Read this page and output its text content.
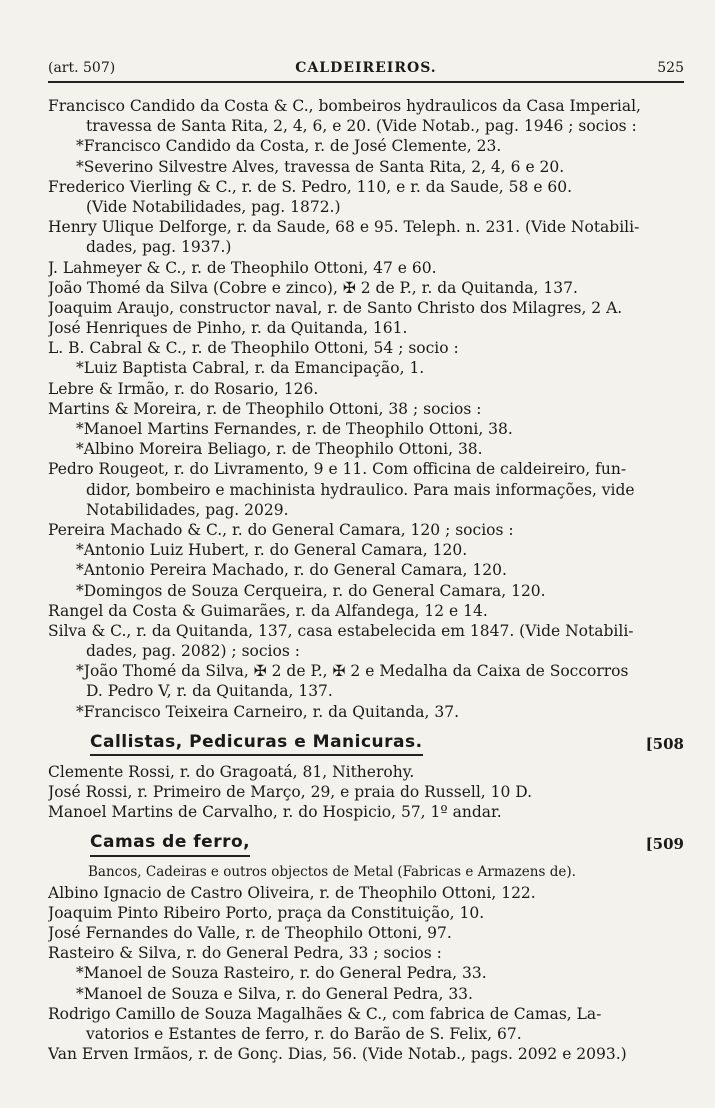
(art. 507)	CALDEIREIROS.	525
Francisco Candido da Costa & C., bombeiros hydraulicos da Casa Imperial,
travessa de Santa Rita, 2, 4, 6, e 20. (Vide Notab., pag. 1946 ; socios :
*Francisco Candido da Costa, r. de José Clemente, 23.
*Severino Silvestre Alves, travessa de Santa Rita, 2, 4, 6 e 20.
Frederico Vierling & C., r. de S. Pedro, 110, e r. da Saude, 58 e 60.
(Vide Notabilidades, pag. 1872.)
Henry Ulique Delforge, r. da Saude, 68 e 95. Teleph. n. 231. (Vide Notabili-
dades, pag. 1937.)
J. Lahmeyer & C., r. de Theophilo Ottoni, 47 e 60.
João Thomé da Silva (Cobre e zinco), ✠ 2 de P., r. da Quitanda, 137.
Joaquim Araujo, constructor naval, r. de Santo Christo dos Milagres, 2 A.
José Henriques de Pinho, r. da Quitanda, 161.
L. B. Cabral & C., r. de Theophilo Ottoni, 54 ; socio :
*Luiz Baptista Cabral, r. da Emancipação, 1.
Lebre & Irmão, r. do Rosario, 126.
Martins & Moreira, r. de Theophilo Ottoni, 38 ; socios :
*Manoel Martins Fernandes, r. de Theophilo Ottoni, 38.
*Albino Moreira Beliago, r. de Theophilo Ottoni, 38.
Pedro Rougeot, r. do Livramento, 9 e 11. Com officina de caldeireiro, fun-
didor, bombeiro e machinista hydraulico. Para mais informações, vide
Notabilidades, pag. 2029.
Pereira Machado & C., r. do General Camara, 120 ; socios :
*Antonio Luiz Hubert, r. do General Camara, 120.
*Antonio Pereira Machado, r. do General Camara, 120.
*Domingos de Souza Cerqueira, r. do General Camara, 120.
Rangel da Costa & Guimarães, r. da Alfandega, 12 e 14.
Silva & C., r. da Quitanda, 137, casa estabelecida em 1847. (Vide Notabili-
dades, pag. 2082) ; socios :
*João Thomé da Silva, ✠ 2 de P., ✠ 2 e Medalha da Caixa de Soccorros
D. Pedro V, r. da Quitanda, 137.
*Francisco Teixeira Carneiro, r. da Quitanda, 37.
Callistas, Pedicuras e Manicuras.	[508
Clemente Rossi, r. do Gragoatá, 81, Nitherohy.
José Rossi, r. Primeiro de Março, 29, e praia do Russell, 10 D.
Manoel Martins de Carvalho, r. do Hospicio, 57, 1º andar.
Camas de ferro,	[509
Bancos, Cadeiras e outros objectos de Metal (Fabricas e Armazens de).
Albino Ignacio de Castro Oliveira, r. de Theophilo Ottoni, 122.
Joaquim Pinto Ribeiro Porto, praça da Constituição, 10.
José Fernandes do Valle, r. de Theophilo Ottoni, 97.
Rasteiro & Silva, r. do General Pedra, 33 ; socios :
*Manoel de Souza Rasteiro, r. do General Pedra, 33.
*Manoel de Souza e Silva, r. do General Pedra, 33.
Rodrigo Camillo de Souza Magalhães & C., com fabrica de Camas, La-
vatorios e Estantes de ferro, r. do Barão de S. Felix, 67.
Van Erven Irmãos, r. de Gonç. Dias, 56. (Vide Notab., pags. 2092 e 2093.)
